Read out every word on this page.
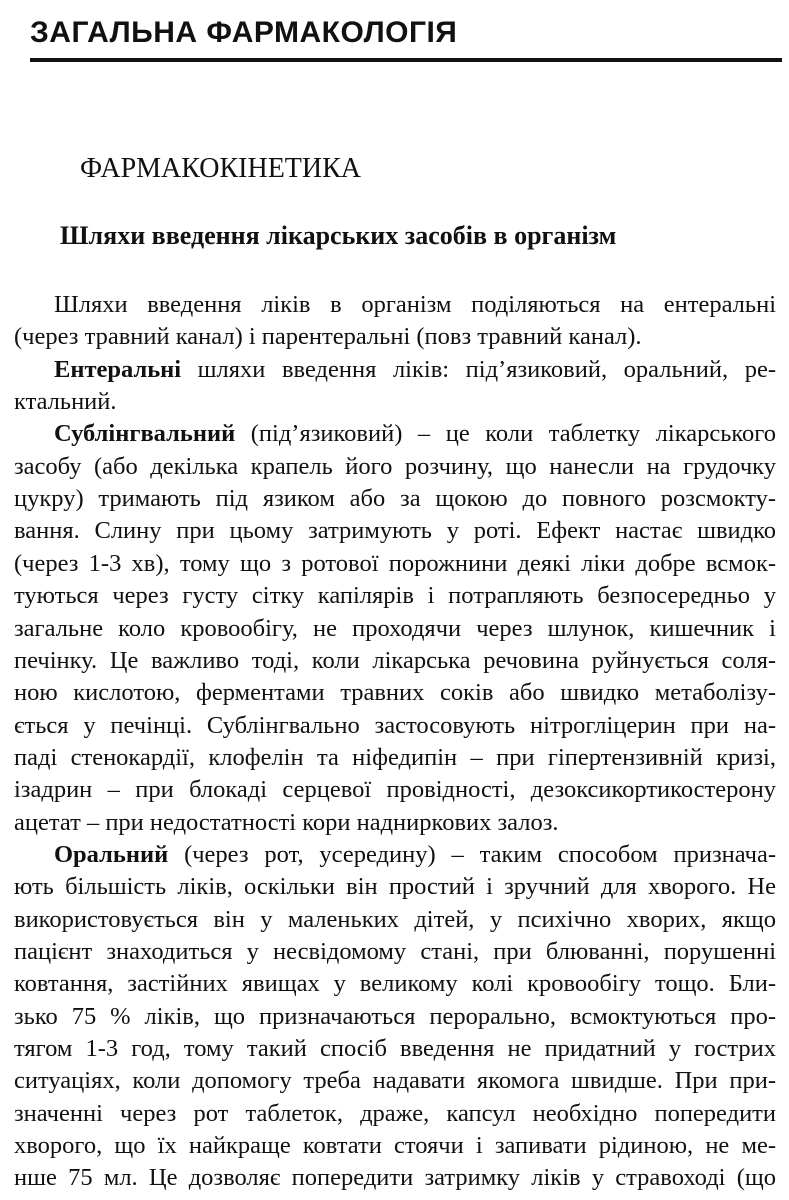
ЗАГАЛЬНА ФАРМАКОЛОГІЯ
ФАРМАКОКІНЕТИКА
Шляхи введення лікарських засобів в організм
Шляхи введення ліків в організм поділяються на ентеральні
(через травний канал) і парентеральні (повз травний канал).
Ентеральні шляхи введення ліків: під’язиковий, оральний, ре-
ктальний.
Сублінгвальний (під’язиковий) – це коли таблетку лікарського
засобу (або декілька крапель його розчину, що нанесли на грудочку
цукру) тримають під язиком або за щокою до повного розсмокту-
вання. Слину при цьому затримують у роті. Ефект настає швидко
(через 1-3 хв), тому що з ротової порожнини деякі ліки добре всмок-
туються через густу сітку капілярів і потрапляють безпосередньо у
загальне коло кровообігу, не проходячи через шлунок, кишечник і
печінку. Це важливо тоді, коли лікарська речовина руйнується соля-
ною кислотою, ферментами травних соків або швидко метаболізу-
ється у печінці. Сублінгвально застосовують нітрогліцерин при на-
паді стенокардії, клофелін та ніфедипін – при гіпертензивній кризі,
ізадрин – при блокаді серцевої провідності, дезоксикортикостерону
ацетат – при недостатності кори надниркових залоз.
Оральний (через рот, усередину) – таким способом признача-
ють більшість ліків, оскільки він простий і зручний для хворого. Не
використовується він у маленьких дітей, у психічно хворих, якщо
пацієнт знаходиться у несвідомому стані, при блюванні, порушенні
ковтання, застійних явищах у великому колі кровообігу тощо. Бли-
зько 75 % ліків, що призначаються перорально, всмоктуються про-
тягом 1-3 год, тому такий спосіб введення не придатний у гострих
ситуаціях, коли допомогу треба надавати якомога швидше. При при-
значенні через рот таблеток, драже, капсул необхідно попередити
хворого, що їх найкраще ковтати стоячи і запивати рідиною, не ме-
нше 75 мл. Це дозволяє попередити затримку ліків у стравоході (що
